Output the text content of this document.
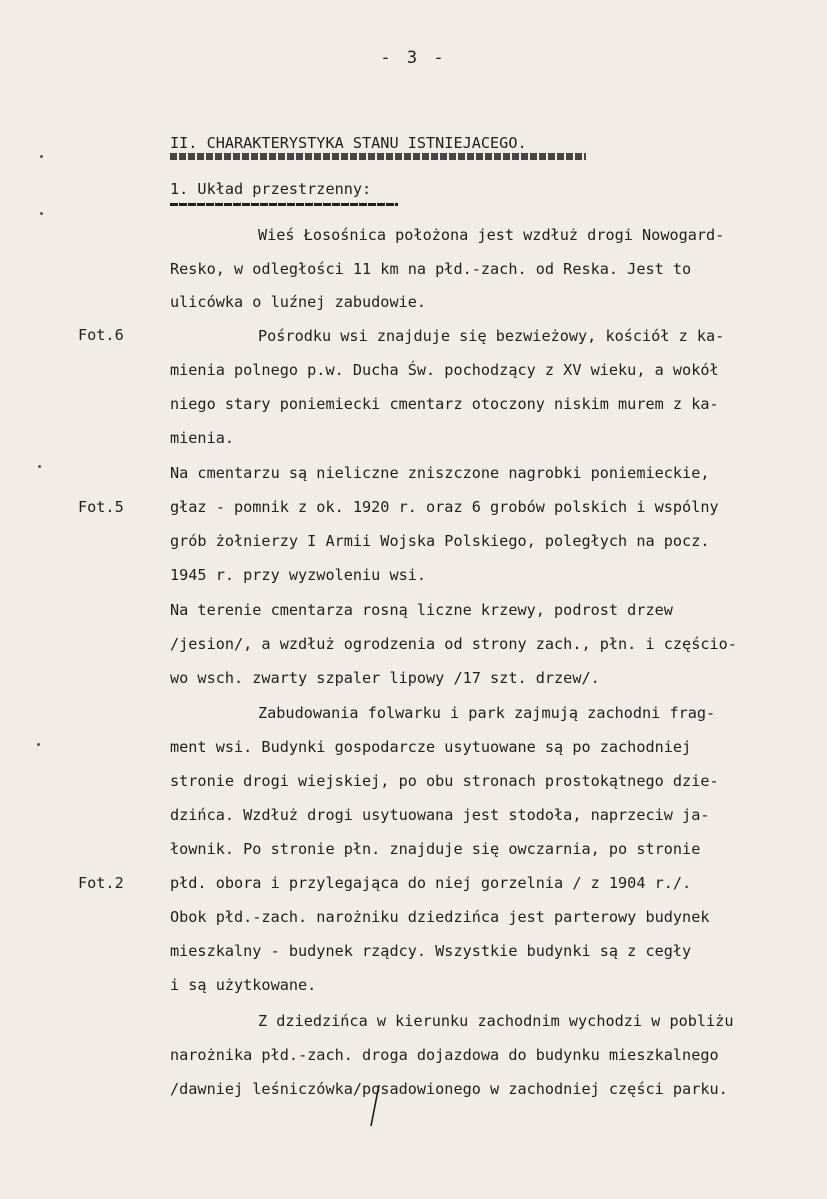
- 3 -
II. CHARAKTERYSTYKA STANU ISTNIEJACEGO.
1. Układ przestrzenny:
Fot.6
Fot.5
Fot.2
Wieś Łosośnica położona jest wzdłuż drogi Nowogard-
Resko, w odległości 11 km na płd.-zach. od Reska. Jest to
ulicówka o luźnej zabudowie.
Pośrodku wsi znajduje się bezwieżowy, kościół z ka-
mienia polnego p.w. Ducha Św. pochodzący z XV wieku, a wokół
niego stary poniemiecki cmentarz otoczony niskim murem z ka-
mienia.
Na cmentarzu są nieliczne zniszczone nagrobki poniemieckie,
głaz - pomnik z ok. 1920 r. oraz 6 grobów polskich i wspólny
grób żołnierzy I Armii Wojska Polskiego, poległych na pocz.
1945 r. przy wyzwoleniu wsi.
Na terenie cmentarza rosną liczne krzewy, podrost drzew
/jesion/, a wzdłuż ogrodzenia od strony zach., płn. i częścio-
wo wsch. zwarty szpaler lipowy /17 szt. drzew/.
Zabudowania folwarku i park zajmują zachodni frag-
ment wsi. Budynki gospodarcze usytuowane są po zachodniej
stronie drogi wiejskiej, po obu stronach prostokątnego dzie-
dzińca. Wzdłuż drogi usytuowana jest stodoła, naprzeciw ja-
łownik. Po stronie płn. znajduje się owczarnia, po stronie
płd. obora i przylegająca do niej gorzelnia / z 1904 r./.
Obok płd.-zach. narożniku dziedzińca jest parterowy budynek
mieszkalny - budynek rządcy. Wszystkie budynki są z cegły
i są użytkowane.
Z dziedzińca w kierunku zachodnim wychodzi w pobliżu
narożnika płd.-zach. droga dojazdowa do budynku mieszkalnego
/dawniej leśniczówka/posadowionego w zachodniej części parku.
